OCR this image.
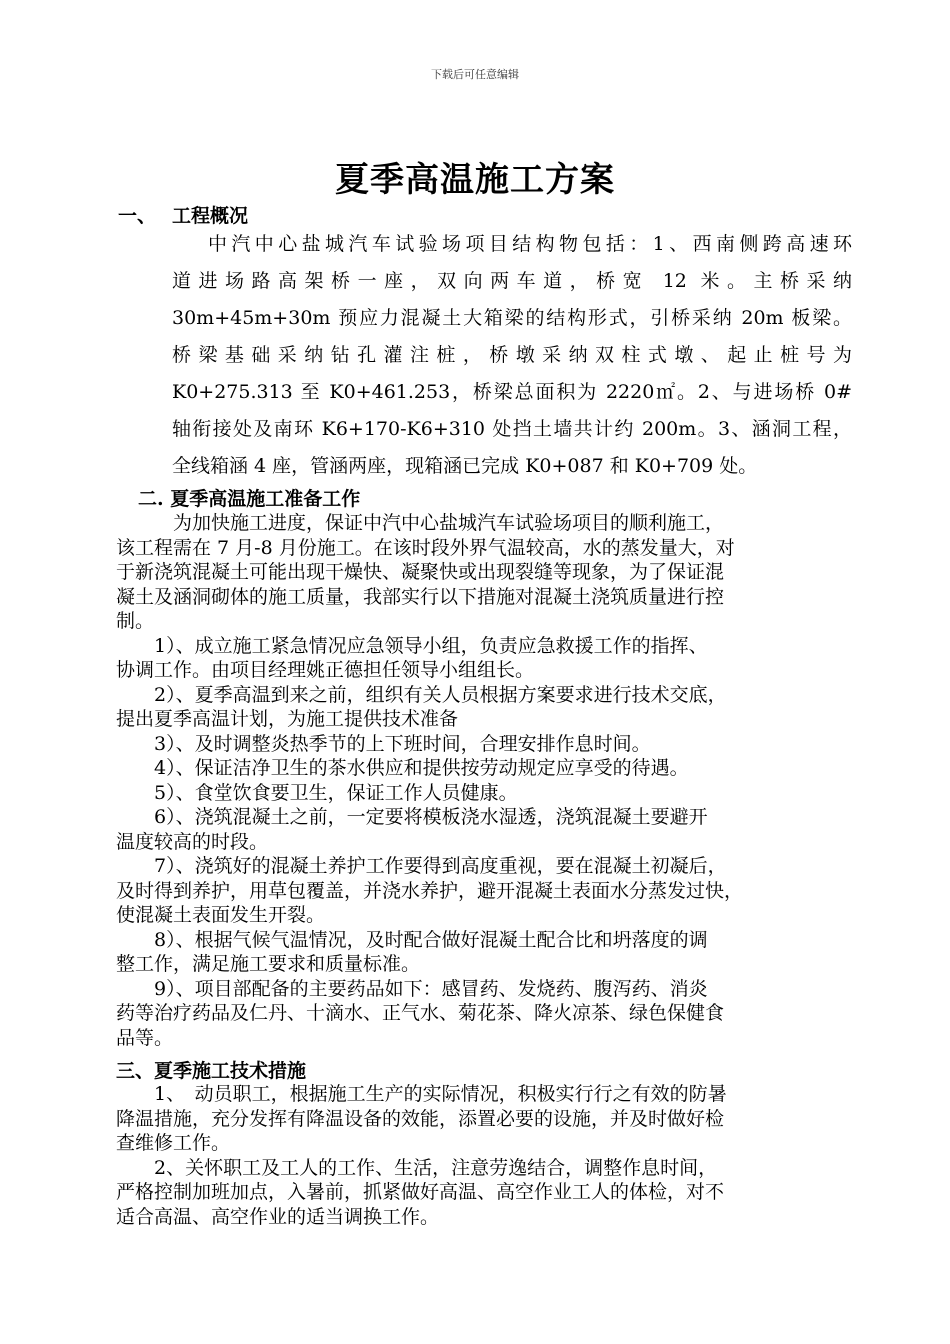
下载后可任意编辑
夏季高温施工方案
一、 工程概况
中汽中心盐城汽车试验场项目结构物包括：1、西南侧跨高速环
道进场路高架桥一座，双向两车道，桥宽 12 米。主桥采纳
30m+45m+30m 预应力混凝土大箱梁的结构形式，引桥采纳 20m 板梁。
桥梁基础采纳钻孔灌注桩，桥墩采纳双柱式墩、起止桩号为
K0+275.313 至 K0+461.253，桥梁总面积为 2220㎡。2、与进场桥 0#
轴衔接处及南环 K6+170-K6+310 处挡土墙共计约 200m。3、涵洞工程，
全线箱涵 4 座，管涵两座，现箱涵已完成 K0+087 和 K0+709 处。
二. 夏季高温施工准备工作
　　　为加快施工进度，保证中汽中心盐城汽车试验场项目的顺利施工，
该工程需在 7 月-8 月份施工。在该时段外界气温较高，水的蒸发量大，对
于新浇筑混凝土可能出现干燥快、凝聚快或出现裂缝等现象，为了保证混
凝土及涵洞砌体的施工质量，我部实行以下措施对混凝土浇筑质量进行控
制。
　　1）、成立施工紧急情况应急领导小组，负责应急救援工作的指挥、
协调工作。由项目经理姚正德担任领导小组组长。
　　2）、夏季高温到来之前，组织有关人员根据方案要求进行技术交底，
提出夏季高温计划，为施工提供技术准备
　　3）、及时调整炎热季节的上下班时间，合理安排作息时间。
　　4）、保证洁净卫生的茶水供应和提供按劳动规定应享受的待遇。
　　5）、食堂饮食要卫生，保证工作人员健康。
　　6）、浇筑混凝土之前，一定要将模板浇水湿透，浇筑混凝土要避开
温度较高的时段。
　　7）、浇筑好的混凝土养护工作要得到高度重视，要在混凝土初凝后，
及时得到养护，用草包覆盖，并浇水养护，避开混凝土表面水分蒸发过快，
使混凝土表面发生开裂。
　　8）、根据气候气温情况，及时配合做好混凝土配合比和坍落度的调
整工作，满足施工要求和质量标准。
　　9）、项目部配备的主要药品如下：感冒药、发烧药、腹泻药、消炎
药等治疗药品及仁丹、十滴水、正气水、菊花茶、降火凉茶、绿色保健食
品等。
三、夏季施工技术措施
　　1、　动员职工，根据施工生产的实际情况，积极实行行之有效的防暑
降温措施，充分发挥有降温设备的效能，添置必要的设施，并及时做好检
查维修工作。
　　2、关怀职工及工人的工作、生活，注意劳逸结合，调整作息时间，
严格控制加班加点，入暑前，抓紧做好高温、高空作业工人的体检，对不
适合高温、高空作业的适当调换工作。
